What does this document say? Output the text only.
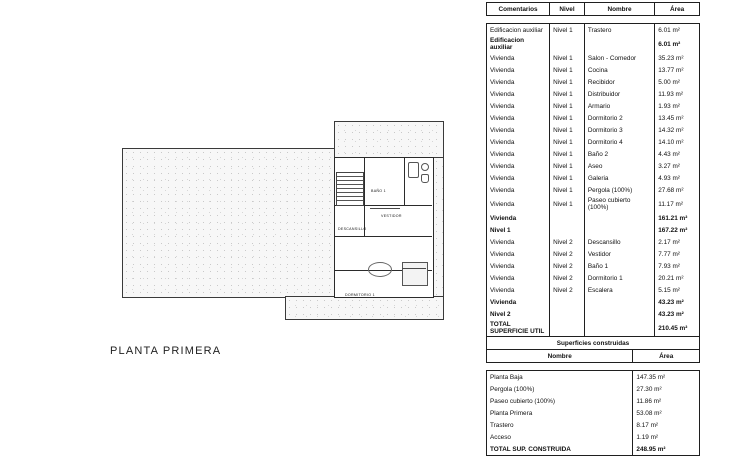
BAÑO 1
VESTIDOR
DESCANSILLO
DORMITORIO 1
PLANTA PRIMERA
Comentarios	Nivel	Nombre	Área

Edificacion auxiliar	Nivel 1	Trastero	6.01 m²
Edificacion auxiliar			6.01 m²
Vivienda	Nivel 1	Salon - Comedor	35.23 m²
Vivienda	Nivel 1	Cocina	13.77 m²
Vivienda	Nivel 1	Recibidor	5.00 m²
Vivienda	Nivel 1	Distribuidor	11.93 m²
Vivienda	Nivel 1	Armario	1.93 m²
Vivienda	Nivel 1	Dormitorio 2	13.45 m²
Vivienda	Nivel 1	Dormitorio 3	14.32 m²
Vivienda	Nivel 1	Dormitorio 4	14.10 m²
Vivienda	Nivel 1	Baño 2	4.43 m²
Vivienda	Nivel 1	Aseo	3.27 m²
Vivienda	Nivel 1	Galeria	4.93 m²
Vivienda	Nivel 1	Pergola (100%)	27.68 m²
Vivienda	Nivel 1	Paseo cubierto (100%)	11.17 m²
Vivienda			161.21 m²
Nivel 1			167.22 m²
Vivienda	Nivel 2	Descansillo	2.17 m²
Vivienda	Nivel 2	Vestidor	7.77 m²
Vivienda	Nivel 2	Baño 1	7.93 m²
Vivienda	Nivel 2	Dormitorio 1	20.21 m²
Vivienda	Nivel 2	Escalera	5.15 m²
Vivienda			43.23 m²
Nivel 2			43.23 m²
TOTAL SUPERFICIE UTIL			210.45 m²
Superficies construidas	
Nombre	Área

Planta Baja	147.35 m²
Pergola (100%)	27.30 m²
Paseo cubierto (100%)	11.86 m²
Planta Primera	53.08 m²
Trastero	8.17 m²
Acceso	1.19 m²
TOTAL SUP. CONSTRUIDA	248.95 m²
